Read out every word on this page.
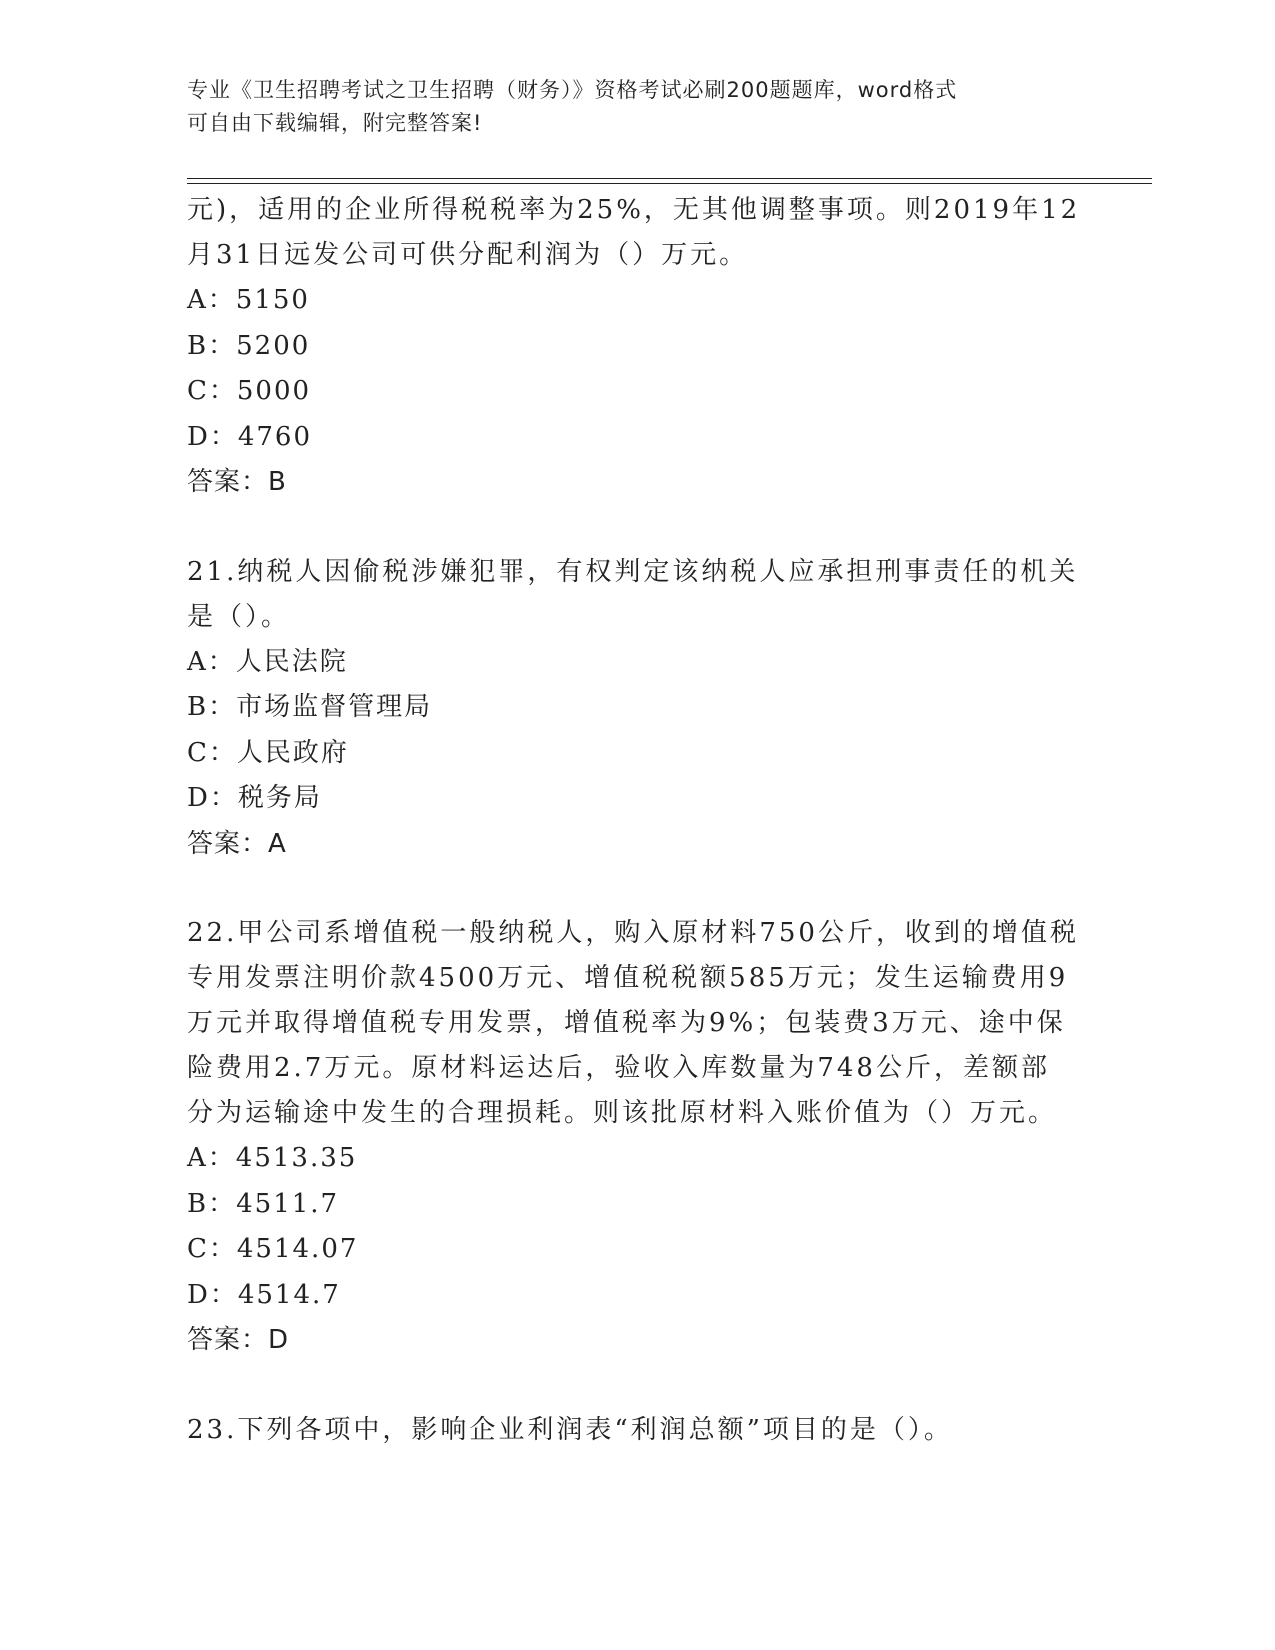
专业《卫生招聘考试之卫生招聘（财务）》资格考试必刷200题题库，word格式
可自由下载编辑，附完整答案!

元)，适用的企业所得税税率为25%，无其他调整事项。则2019年12

月31日远发公司可供分配利润为（）万元。

A：5150

B：5200

C：5000

D：4760

答案：B

21.纳税人因偷税涉嫌犯罪，有权判定该纳税人应承担刑事责任的机关

是（）。

A：人民法院

B：市场监督管理局

C：人民政府

D：税务局

答案：A

22.甲公司系增值税一般纳税人，购入原材料750公斤，收到的增值税

专用发票注明价款4500万元、增值税税额585万元；发生运输费用9

万元并取得增值税专用发票，增值税率为9%；包装费3万元、途中保

险费用2.7万元。原材料运达后，验收入库数量为748公斤，差额部

分为运输途中发生的合理损耗。则该批原材料入账价值为（）万元。

A：4513.35

B：4511.7

C：4514.07

D：4514.7

答案：D

23.下列各项中，影响企业利润表“利润总额”项目的是（）。
